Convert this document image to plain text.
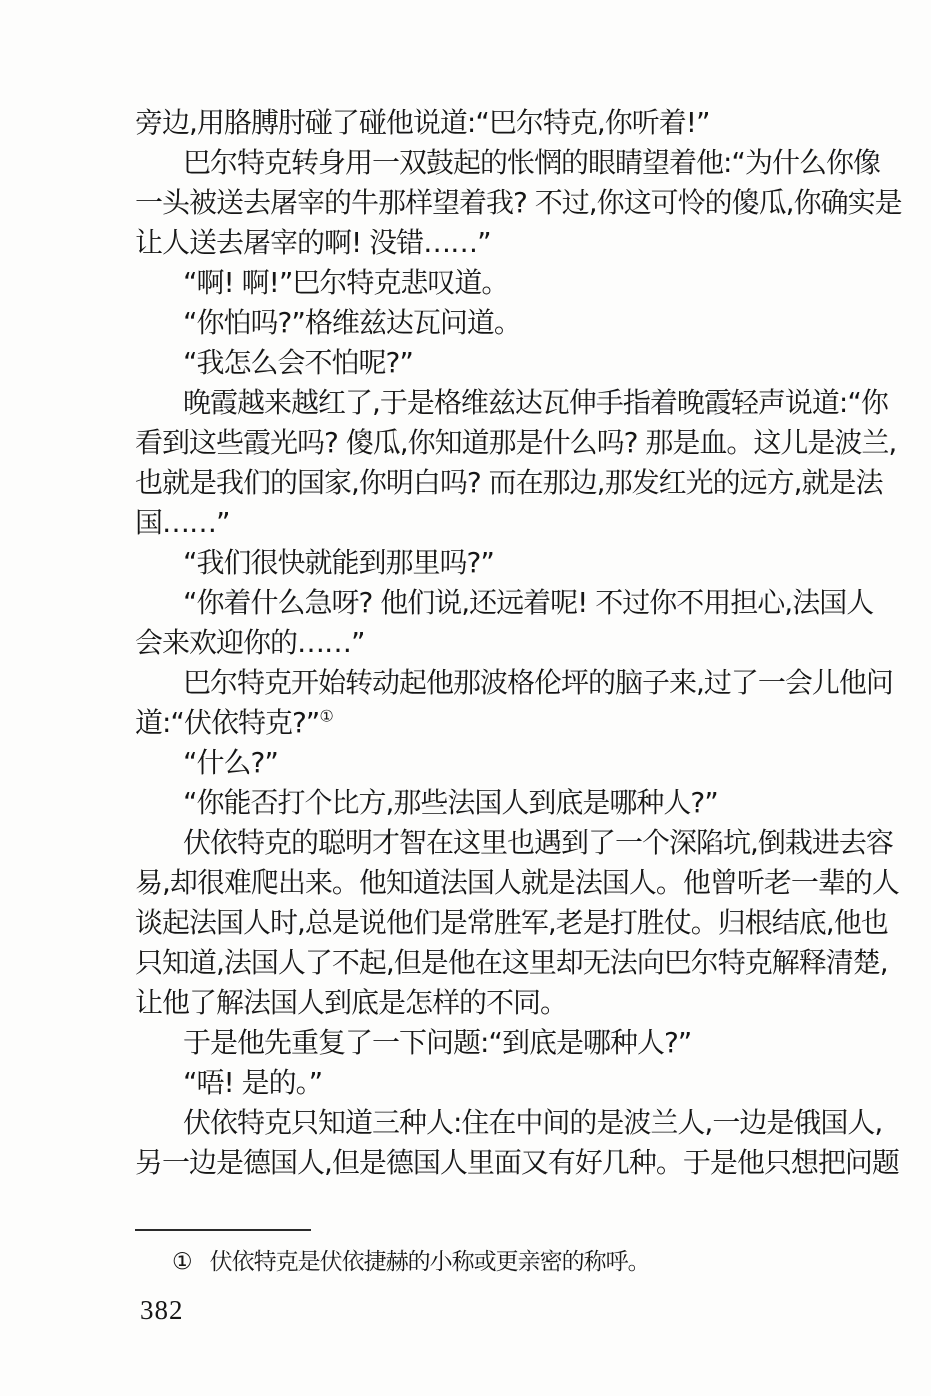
旁边,用胳膊肘碰了碰他说道:“巴尔特克,你听着!”
巴尔特克转身用一双鼓起的怅惘的眼睛望着他:“为什么你像
一头被送去屠宰的牛那样望着我? 不过,你这可怜的傻瓜,你确实是
让人送去屠宰的啊! 没错……”
“啊! 啊!”巴尔特克悲叹道。
“你怕吗?”格维兹达瓦问道。
“我怎么会不怕呢?”
晚霞越来越红了,于是格维兹达瓦伸手指着晚霞轻声说道:“你
看到这些霞光吗? 傻瓜,你知道那是什么吗? 那是血。这儿是波兰,
也就是我们的国家,你明白吗? 而在那边,那发红光的远方,就是法
国……”
“我们很快就能到那里吗?”
“你着什么急呀? 他们说,还远着呢! 不过你不用担心,法国人
会来欢迎你的……”
巴尔特克开始转动起他那波格伦坪的脑子来,过了一会儿他问
道:“伏依特克?”①
“什么?”
“你能否打个比方,那些法国人到底是哪种人?”
伏依特克的聪明才智在这里也遇到了一个深陷坑,倒栽进去容
易,却很难爬出来。他知道法国人就是法国人。他曾听老一辈的人
谈起法国人时,总是说他们是常胜军,老是打胜仗。归根结底,他也
只知道,法国人了不起,但是他在这里却无法向巴尔特克解释清楚,
让他了解法国人到底是怎样的不同。
于是他先重复了一下问题:“到底是哪种人?”
“唔! 是的。”
伏依特克只知道三种人:住在中间的是波兰人,一边是俄国人,
另一边是德国人,但是德国人里面又有好几种。于是他只想把问题
① 伏依特克是伏依捷赫的小称或更亲密的称呼。
382
